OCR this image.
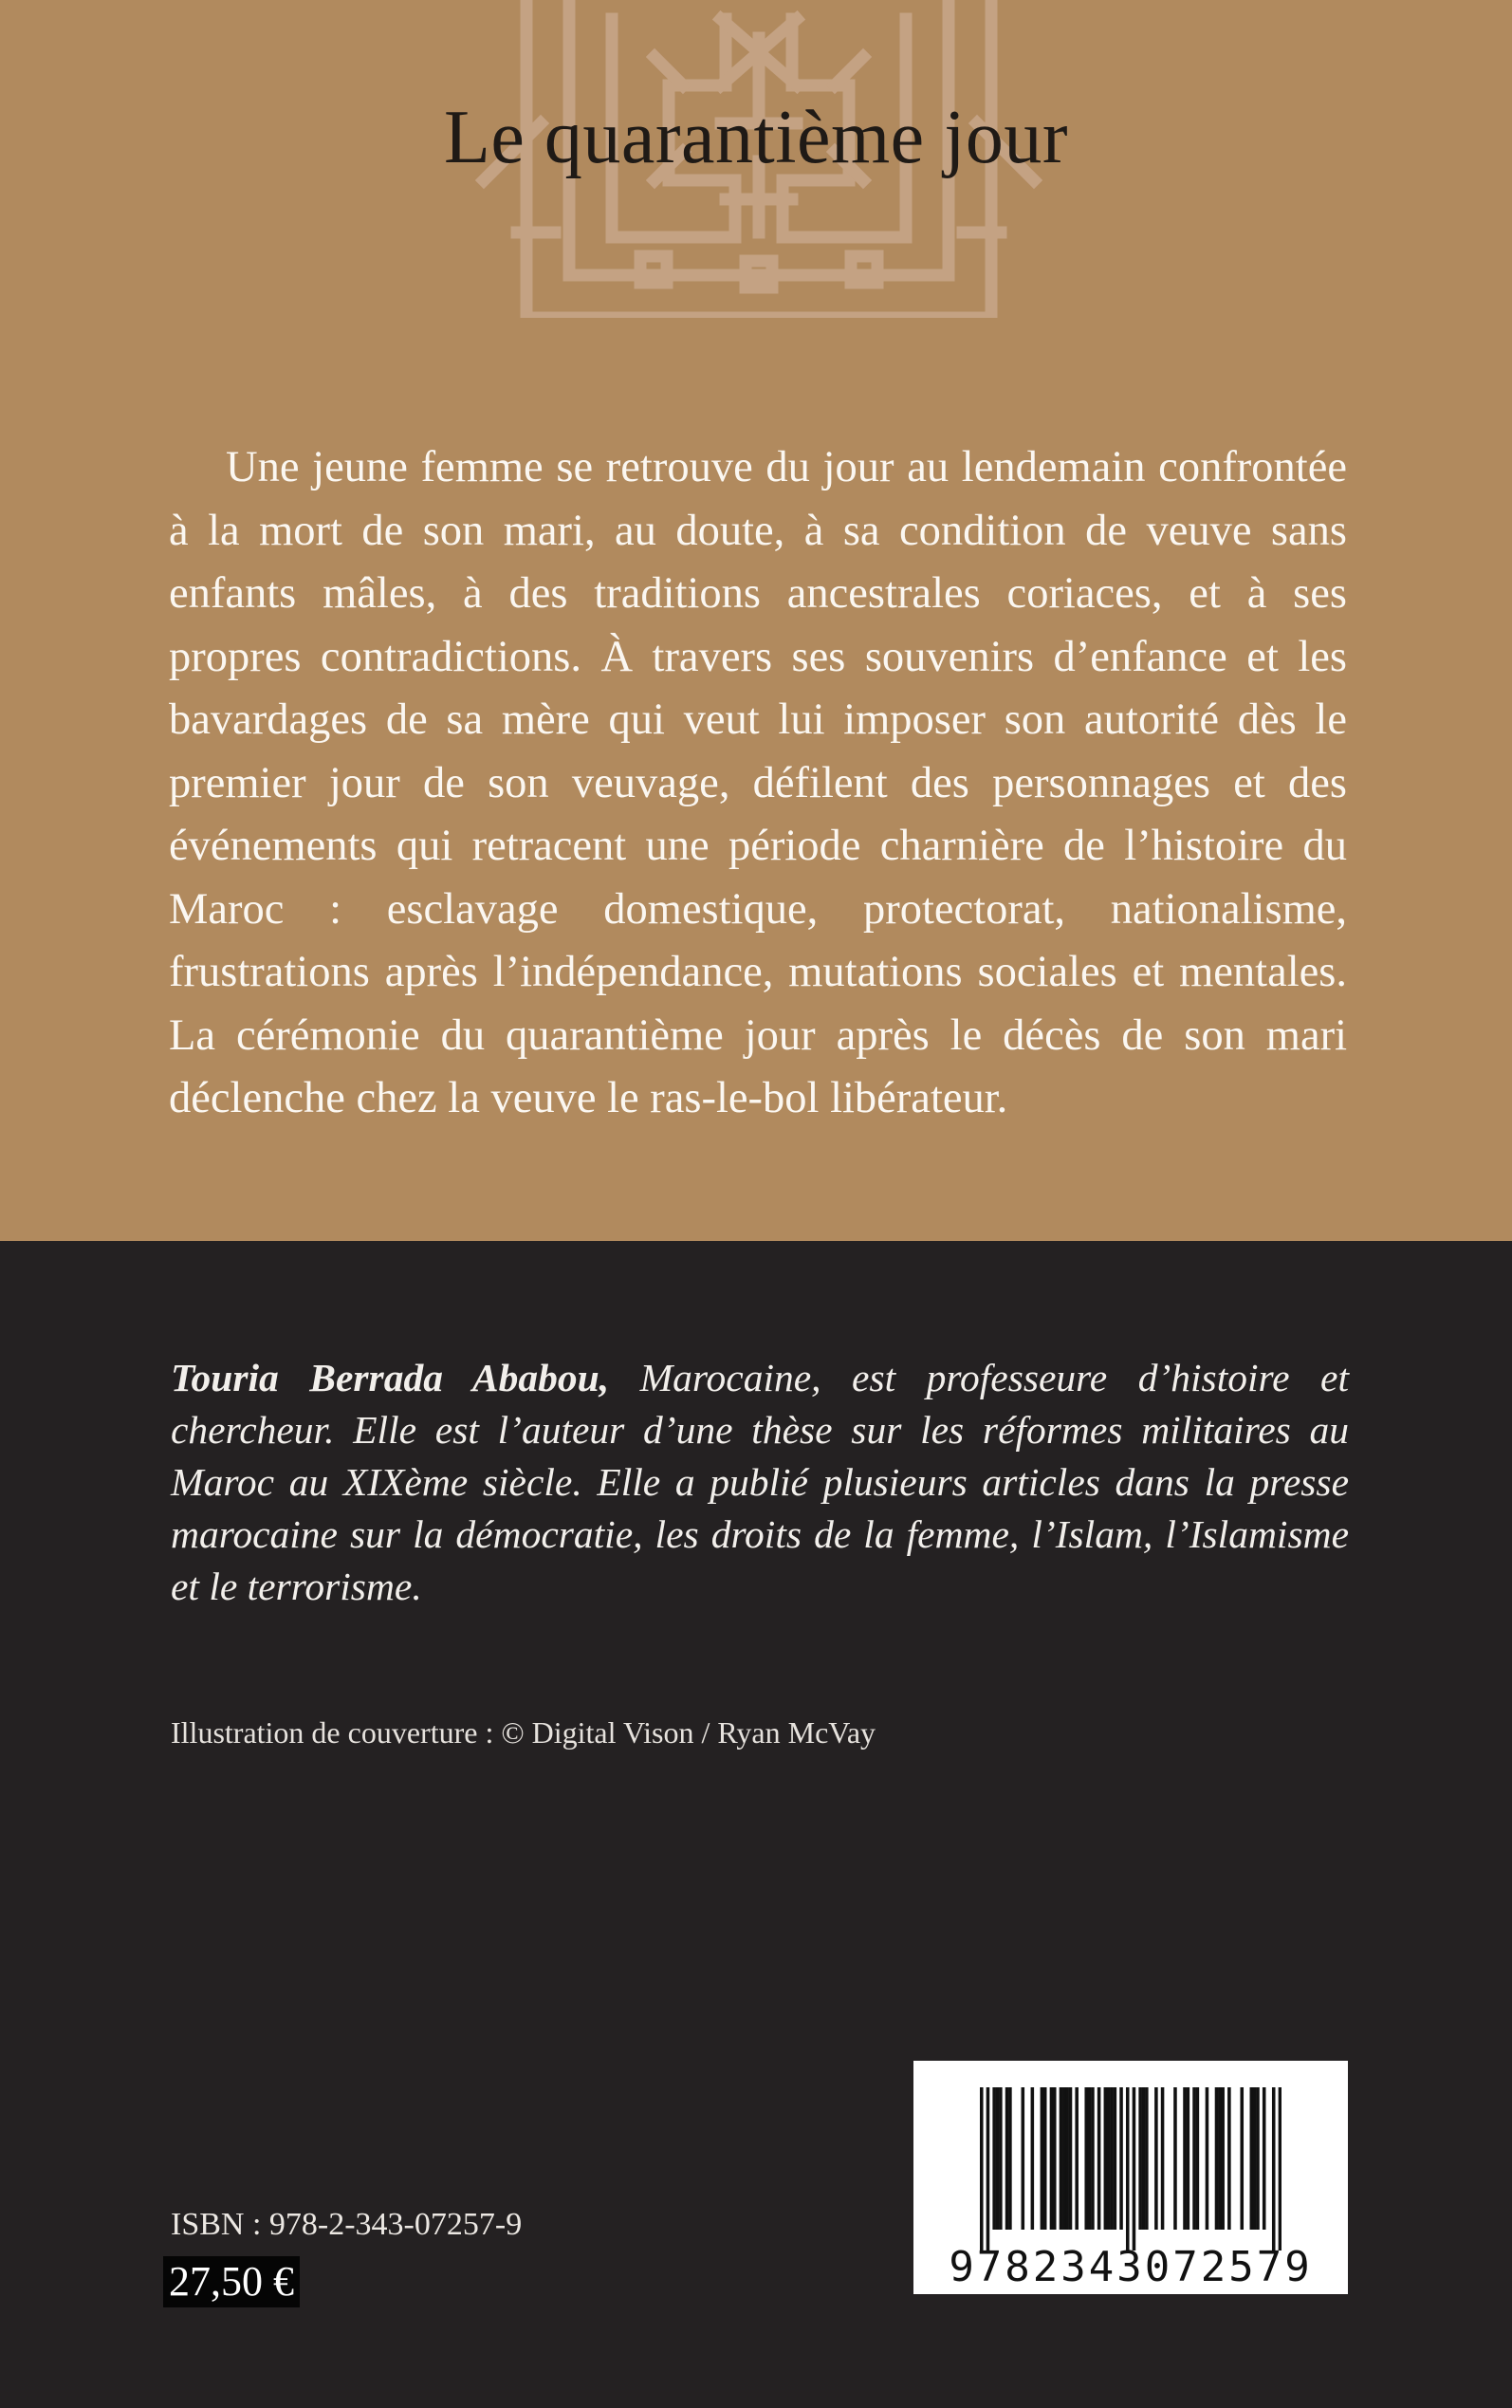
Le quarantième jour

Une jeune femme se retrouve du jour au lendemain confrontée à la mort de son mari, au doute, à sa condition de veuve sans enfants mâles, à des traditions ancestrales coriaces, et à ses propres contradictions. À travers ses souvenirs d’enfance et les bavardages de sa mère qui veut lui imposer son autorité dès le premier jour de son veuvage, défilent des personnages et des événements qui retracent une période charnière de l’histoire du Maroc : esclavage domestique, protectorat, nationalisme, frustrations après l’indépendance, mutations sociales et mentales. La cérémonie du quarantième jour après le décès de son mari déclenche chez la veuve le ras-le-bol libérateur.

Touria Berrada Ababou, Marocaine, est professeure d’histoire et chercheur. Elle est l’auteur d’une thèse sur les réformes militaires au Maroc au XIXème siècle. Elle a publié plusieurs articles dans la presse marocaine sur la démocratie, les droits de la femme, l’Islam, l’Islamisme et le terrorisme.

Illustration de couverture : © Digital Vison / Ryan McVay

ISBN : 978-2-343-07257-9

27,50 €	9782343072579
